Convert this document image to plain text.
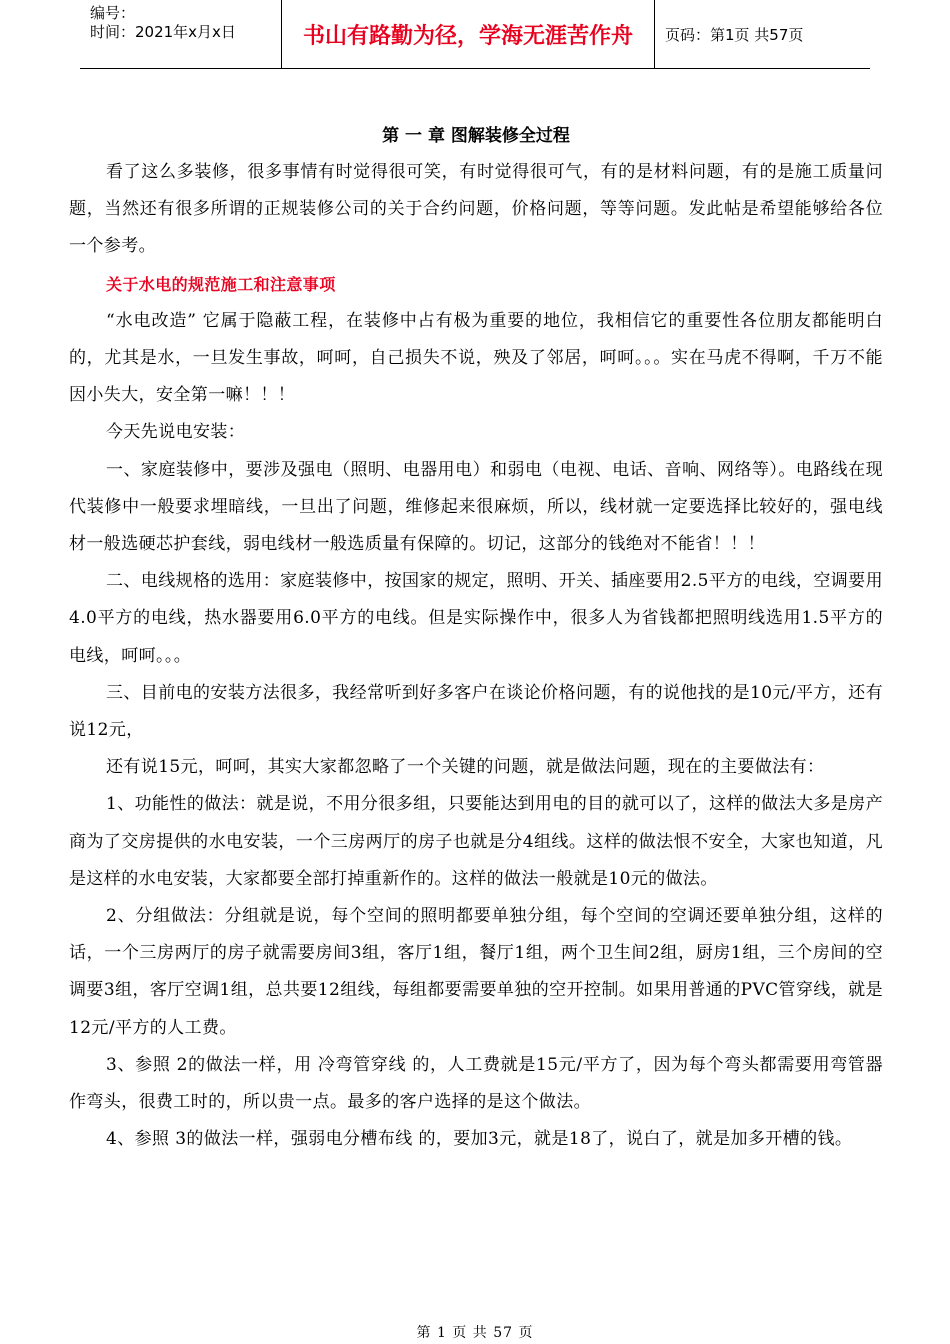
编号：
时间：2021年x月x日	书山有路勤为径，学海无涯苦作舟	页码：第1页 共57页
第 一 章 图解装修全过程

看了这么多装修，很多事情有时觉得很可笑，有时觉得很可气，有的是材料问题，有的是施工质量问题，当然还有很多所谓的正规装修公司的关于合约问题，价格问题，等等问题。发此帖是希望能够给各位一个参考。

关于水电的规范施工和注意事项

“水电改造” 它属于隐蔽工程，在装修中占有极为重要的地位，我相信它的重要性各位朋友都能明白的，尤其是水，一旦发生事故，呵呵，自己损失不说，殃及了邻居，呵呵。。。实在马虎不得啊，千万不能因小失大，安全第一嘛！！！

今天先说电安装：

一、家庭装修中，要涉及强电（照明、电器用电）和弱电（电视、电话、音响、网络等）。电路线在现代装修中一般要求埋暗线，一旦出了问题，维修起来很麻烦，所以，线材就一定要选择比较好的，强电线材一般选硬芯护套线，弱电线材一般选质量有保障的。切记，这部分的钱绝对不能省！！！

二、电线规格的选用：家庭装修中，按国家的规定，照明、开关、插座要用2.5平方的电线，空调要用4.0平方的电线，热水器要用6.0平方的电线。但是实际操作中，很多人为省钱都把照明线选用1.5平方的电线，呵呵。。。

三、目前电的安装方法很多，我经常听到好多客户在谈论价格问题，有的说他找的是10元/平方，还有说12元，

还有说15元，呵呵，其实大家都忽略了一个关键的问题，就是做法问题，现在的主要做法有：

1、功能性的做法：就是说，不用分很多组，只要能达到用电的目的就可以了，这样的做法大多是房产商为了交房提供的水电安装，一个三房两厅的房子也就是分4组线。这样的做法恨不安全，大家也知道，凡是这样的水电安装，大家都要全部打掉重新作的。这样的做法一般就是10元的做法。

2、分组做法：分组就是说，每个空间的照明都要单独分组，每个空间的空调还要单独分组，这样的话，一个三房两厅的房子就需要房间3组，客厅1组，餐厅1组，两个卫生间2组，厨房1组，三个房间的空调要3组，客厅空调1组，总共要12组线，每组都要需要单独的空开控制。如果用普通的PVC管穿线，就是12元/平方的人工费。

3、参照 2的做法一样，用 冷弯管穿线 的，人工费就是15元/平方了，因为每个弯头都需要用弯管器作弯头，很费工时的，所以贵一点。最多的客户选择的是这个做法。

4、参照 3的做法一样，强弱电分槽布线 的，要加3元，就是18了，说白了，就是加多开槽的钱。

第 1 页 共 57 页
